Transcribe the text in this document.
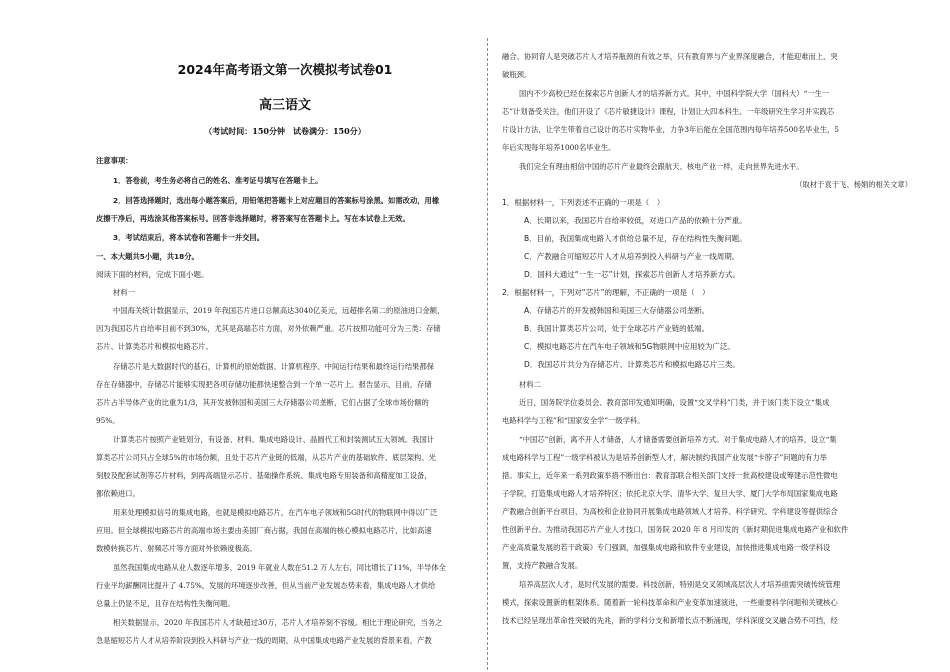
2024年高考语文第一次模拟考试卷01
高三语文
（考试时间：150分钟　试卷满分：150分）
注意事项：
1．答卷前，考生务必将自己的姓名、准考证号填写在答题卡上。
2．回答选择题时，选出每小题答案后，用铅笔把答题卡上对应题目的答案标号涂黑。如需改动，用橡
皮擦干净后，再选涂其他答案标号。回答非选择题时，将答案写在答题卡上。写在本试卷上无效。
3．考试结束后，将本试卷和答题卡一并交回。
一、本大题共5小题，共18分。
阅读下面的材料，完成下面小题。
材料一
中国海关统计数据显示，2019 年我国芯片进口总额高达3040亿美元，远超排名第二的原油进口金额，
因为我国芯片自给率目前不到30%，尤其是高端芯片方面，对外依赖严重。芯片按照功能可分为三类：存储
芯片、计算类芯片和模拟电路芯片。
存储芯片是大数据时代的基石，计算机的原始数据、计算机程序、中间运行结果和最终运行结果都保
存在存储器中，存储芯片能够实现把各项存储功能都快速整合到一个单一芯片上。报告显示，目前，存储
芯片占半导体产业的比重为1/3，其开发被韩国和美国三大存储器公司垄断，它们占据了全球市场份额的
95%。
计算类芯片按照产业链划分，有设备、材料、集成电路设计、晶圆代工和封装测试五大领域。我国计
算类芯片公司只占全球5%的市场份额，且处于芯片产业链的低端，从芯片产业的基础软件、底层架构、光
刻胶及配套试剂等芯片材料，到再高端显示芯片、基础操作系统、集成电路专用装备和高精度加工设备，
都依赖进口。
用来处理模拟信号的集成电路，也就是模拟电路芯片，在汽车电子领域和5G时代的物联网中得以广泛
应用。但全球模拟电路芯片的高端市场主要由美国厂商占据，我国在高端的核心模拟电路芯片，比如高速
数模转换芯片、射频芯片等方面对外依赖度极高。
虽然我国集成电路从业人数逐年增多，2019 年就业人数在51.2 万人左右，同比增长了11%，半导体全
行业平均薪酬同比提升了 4.75%，发展的环境逐步改善，但从当前产业发展态势来看，集成电路人才供给
总量上仍显不足，且存在结构性失衡问题。
相关数据显示，2020 年我国芯片人才缺超过30万，芯片人才培养刻不容缓。相比于理论研究，当务之
急是缩短芯片人才从培养阶段到投入科研与产业一线的周期，从中国集成电路产业发展的背景来看，产教
融合、协同育人是突破芯片人才培养瓶颈的有效之举，只有教育界与产业界深度融合，才能迎难而上、突
破瓶颈。
国内不少高校已经在探索芯片创新人才的培养新方式。其中，中国科学院大学（国科大）“一生一
芯”计划备受关注，他们开设了《芯片敏捷设计》课程，计划让大四本科生、一年级研究生学习并实践芯
片设计方法，让学生带着自己设计的芯片实物毕业，力争3年后能在全国范围内每年培养500名毕业生，5
年后实现每年培养1000名毕业生。
我们完全有理由相信中国的芯片产业最终会跟航天、核电产业一样，走向世界先进水平。
（取材于袁于飞、杨娟的相关文章）
1．根据材料一，下列表述不正确的一项是（　）
A．长期以来，我国芯片自给率较低，对进口产品的依赖十分严重。
B．目前，我国集成电路人才供给总量不足，存在结构性失衡问题。
C．产教融合可缩短芯片人才从培养到投入科研与产业一线周期。
D．国科大通过“一生一芯”计划，探索芯片创新人才培养新方式。
2．根据材料一，下列对“芯片”的理解，不正确的一项是（　）
A．存储芯片的开发被韩国和美国三大存储器公司垄断。
B．我国计算类芯片公司，处于全球芯片产业链的低端。
C．模拟电路芯片在汽车电子领域和5G物联网中应用较为广泛。
D．我国芯片共分为存储芯片、计算类芯片和模拟电路芯片三类。
材料二
近日，国务院学位委员会、教育部印发通知明确，设置“交叉学科”门类，并于该门类下设立“集成
电路科学与工程”和“国家安全学”一级学科。
“中国芯”创新，离不开人才储备，人才储备需要创新培养方式。对于集成电路人才的培养，设立“集
成电路科学与工程”一级学科被认为是培养创新型人才，解决制约我国产业发展“卡脖子”问题的有力举
措。事实上，近年来一系列政策举措不断出台：教育部联合相关部门支持一批高校建设或筹建示范性微电
子学院，打造集成电路人才培养特区；依托北京大学、清华大学、复旦大学、厦门大学布局国家集成电路
产教融合创新平台项目，为高校和企业协同开展集成电路领域人才培养、科学研究、学科建设等提供综合
性创新平台。为推动我国芯片产业人才技口，国务院 2020 年 8 月印发的《新时期促进集成电路产业和软件
产业高质量发展的若干政策》专门强调，加强集成电路和软件专业建设，加快推进集成电路一级学科设
置，支持产教融合发展。
培养高层次人才，是时代发展的需要。科技创新，特别是交叉领域高层次人才培养亟需突破传统管理
模式，探索设置新的框架体系。随着新一轮科技革命和产业变革加速演进，一些重要科学问题和关键核心
技术已经呈现出革命性突破的先兆，新的学科分支和新增长点不断涌现，学科深度交叉融合势不可挡，经
